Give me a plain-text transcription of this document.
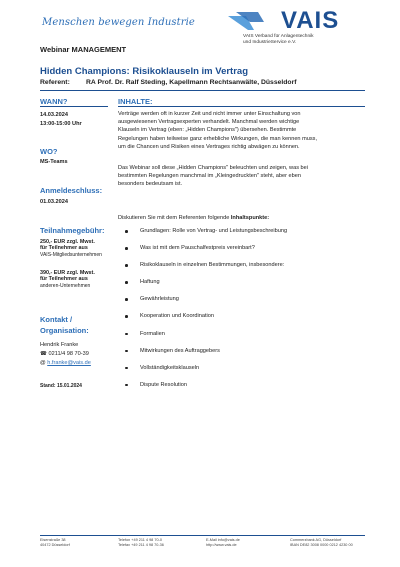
Menschen bewegen Industrie	VAIS
VAIS Verband für Anlagentechnik
und IndustrieService e.V.
Webinar MANAGEMENT
Hidden Champions: Risikoklauseln im Vertrag
Referent: RA Prof. Dr. Ralf Steding, Kapellmann Rechtsanwälte, Düsseldorf
WANN?
14.03.2024
13:00-15:00 Uhr
WO?
MS-Teams
Anmeldeschluss:
01.03.2024
Teilnahmegebühr:
250,- EUR zzgl. Mwst.
für Teilnehmer aus
VAIS-Mitgliedsunternehmen
390,- EUR zzgl. Mwst.
für Teilnehmer aus
anderen-Unternehmen
Kontakt /
Organisation:
Hendrik Franke
☎ 0211/4 98 70-39
@ h.franke@vais.de
Stand: 15.01.2024
INHALTE:
Verträge werden oft in kurzer Zeit und nicht immer unter Einschaltung von
ausgewiesenen Vertragsexperten verhandelt. Manchmal werden wichtige
Klauseln im Vertrag (eben: „Hidden Champions") übersehen. Bestimmte
Regelungen haben teilweise ganz erhebliche Wirkungen, die man kennen muss,
um die Chancen und Risiken eines Vertrages richtig abwägen zu können.
Das Webinar soll diese „Hidden Champions" beleuchten und zeigen, was bei
bestimmten Regelungen manchmal im „Kleingedruckten" steht, aber eben
besonders bedeutsam ist.
Diskutieren Sie mit dem Referenten folgende Inhaltspunkte:
Grundlagen: Rolle von Vertrag- und Leistungsbeschreibung
Was ist mit dem Pauschalfestpreis vereinbart?
Risikoklauseln in einzelnen Bestimmungen, insbesondere:
Haftung
Gewährleistung
Kooperation und Koordination
Formalien
Mitwirkungen des Auftraggebers
Vollständigkeitsklauseln
Dispute Resolution
Eisenstraße 38
40472 Düsseldorf
Telefon +49 211 4 98 70-0
Telefax +49 211 4 98 70-36
E-Mail info@vais.de
http://www.vais.de
Commerzbank AG, Düsseldorf
IBAN DE82 3008 0000 0212 4230 00
